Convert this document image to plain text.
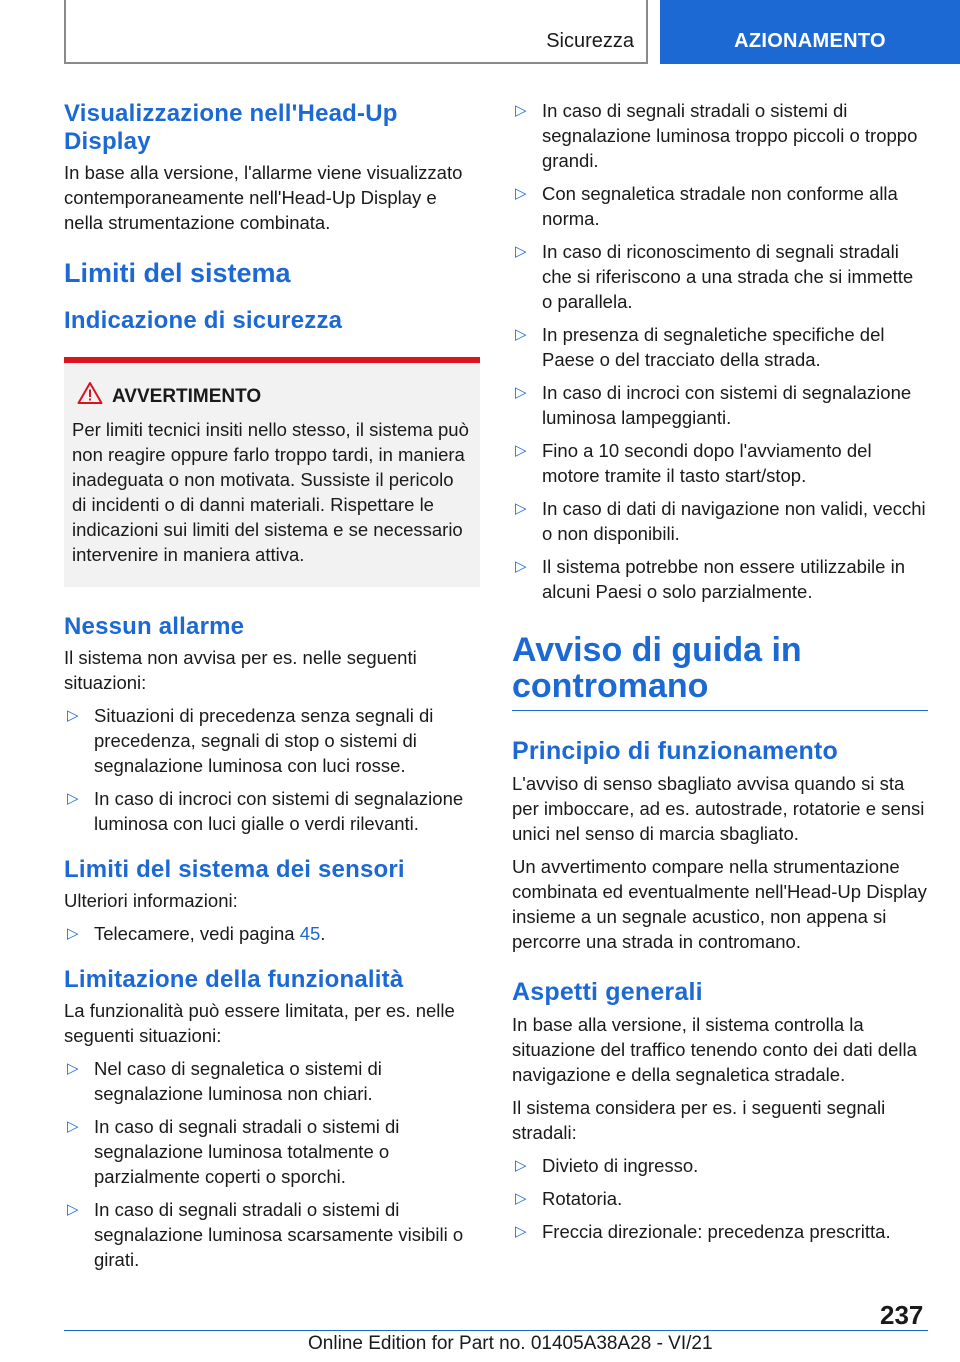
Sicurezza	AZIONAMENTO
Visualizzazione nell'Head-Up Display
In base alla versione, l'allarme viene visualizzato contemporaneamente nell'Head-Up Display e nella strumentazione combinata.
Limiti del sistema
Indicazione di sicurezza
AVVERTIMENTO
Per limiti tecnici insiti nello stesso, il sistema può non reagire oppure farlo troppo tardi, in maniera inadeguata o non motivata. Sussiste il pericolo di incidenti o di danni materiali. Rispettare le indicazioni sui limiti del sistema e se necessario intervenire in maniera attiva.
Nessun allarme
Il sistema non avvisa per es. nelle seguenti situazioni:
▷ Situazioni di precedenza senza segnali di precedenza, segnali di stop o sistemi di segnalazione luminosa con luci rosse.
▷ In caso di incroci con sistemi di segnalazione luminosa con luci gialle o verdi rilevanti.
Limiti del sistema dei sensori
Ulteriori informazioni:
▷ Telecamere, vedi pagina 45.
Limitazione della funzionalità
La funzionalità può essere limitata, per es. nelle seguenti situazioni:
▷ Nel caso di segnaletica o sistemi di segnalazione luminosa non chiari.
▷ In caso di segnali stradali o sistemi di segnalazione luminosa totalmente o parzialmente coperti o sporchi.
▷ In caso di segnali stradali o sistemi di segnalazione luminosa scarsamente visibili o girati.
▷ In caso di segnali stradali o sistemi di segnalazione luminosa troppo piccoli o troppo grandi.
▷ Con segnaletica stradale non conforme alla norma.
▷ In caso di riconoscimento di segnali stradali che si riferiscono a una strada che si immette o parallela.
▷ In presenza di segnaletiche specifiche del Paese o del tracciato della strada.
▷ In caso di incroci con sistemi di segnalazione luminosa lampeggianti.
▷ Fino a 10 secondi dopo l'avviamento del motore tramite il tasto start/stop.
▷ In caso di dati di navigazione non validi, vecchi o non disponibili.
▷ Il sistema potrebbe non essere utilizzabile in alcuni Paesi o solo parzialmente.
Avviso di guida in contromano
Principio di funzionamento
L'avviso di senso sbagliato avvisa quando si sta per imboccare, ad es. autostrade, rotatorie e sensi unici nel senso di marcia sbagliato.
Un avvertimento compare nella strumentazione combinata ed eventualmente nell'Head-Up Display insieme a un segnale acustico, non appena si percorre una strada in contromano.
Aspetti generali
In base alla versione, il sistema controlla la situazione del traffico tenendo conto dei dati della navigazione e della segnaletica stradale.
Il sistema considera per es. i seguenti segnali stradali:
▷ Divieto di ingresso.
▷ Rotatoria.
▷ Freccia direzionale: precedenza prescritta.
237
Online Edition for Part no. 01405A38A28 - VI/21
